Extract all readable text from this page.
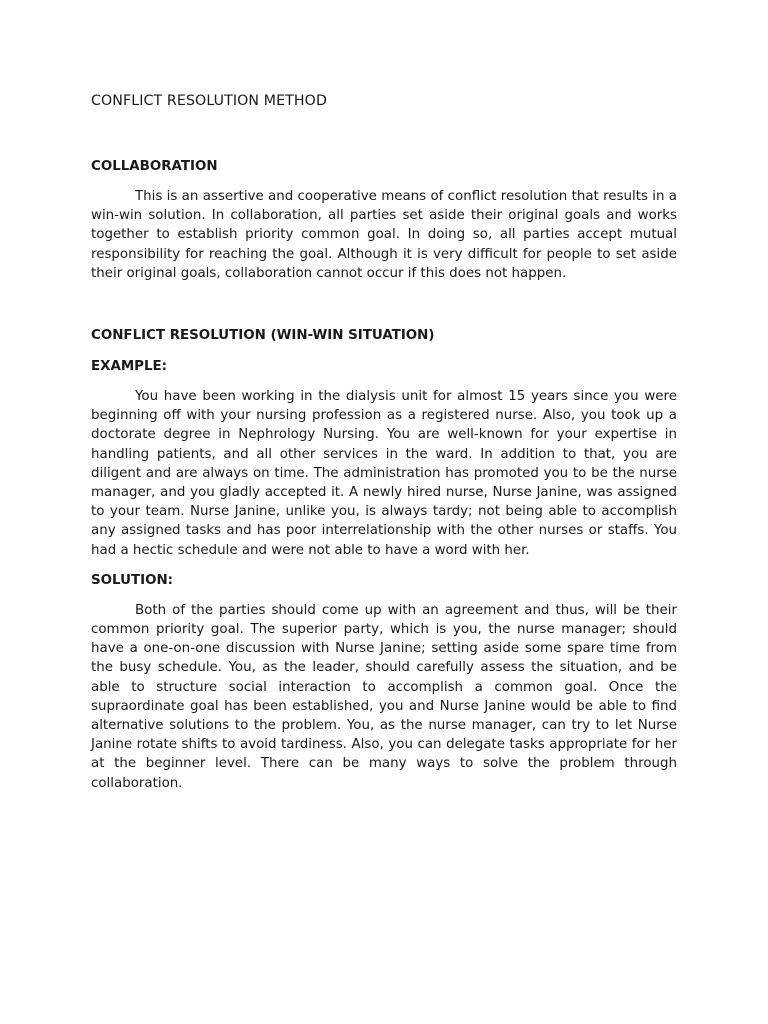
CONFLICT RESOLUTION METHOD
COLLABORATION

This is an assertive and cooperative means of conflict resolution that results in a win-win solution. In collaboration, all parties set aside their original goals and works together to establish priority common goal. In doing so, all parties accept mutual responsibility for reaching the goal. Although it is very difficult for people to set aside their original goals, collaboration cannot occur if this does not happen.

CONFLICT RESOLUTION (WIN-WIN SITUATION)
EXAMPLE:

You have been working in the dialysis unit for almost 15 years since you were beginning off with your nursing profession as a registered nurse. Also, you took up a doctorate degree in Nephrology Nursing. You are well-known for your expertise in handling patients, and all other services in the ward. In addition to that, you are diligent and are always on time. The administration has promoted you to be the nurse manager, and you gladly accepted it. A newly hired nurse, Nurse Janine, was assigned to your team. Nurse Janine, unlike you, is always tardy; not being able to accomplish any assigned tasks and has poor interrelationship with the other nurses or staffs. You had a hectic schedule and were not able to have a word with her.

SOLUTION:

Both of the parties should come up with an agreement and thus, will be their common priority goal. The superior party, which is you, the nurse manager; should have a one-on-one discussion with Nurse Janine; setting aside some spare time from the busy schedule. You, as the leader, should carefully assess the situation, and be able to structure social interaction to accomplish a common goal. Once the supraordinate goal has been established, you and Nurse Janine would be able to find alternative solutions to the problem. You, as the nurse manager, can try to let Nurse Janine rotate shifts to avoid tardiness. Also, you can delegate tasks appropriate for her at the beginner level. There can be many ways to solve the problem through collaboration.
